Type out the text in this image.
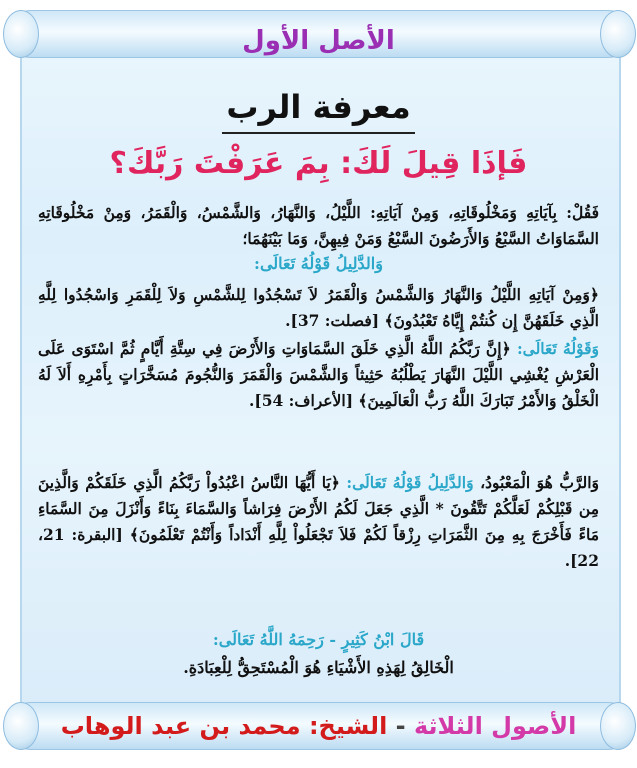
الأصل الأول
معرفة الرب
فَإذَا قِيلَ لَكَ: بِمَ عَرَفْتَ رَبَّكَ؟
فَقُلْ: بِآيَاتِهِ وَمَخْلُوقَاتِهِ، وَمِنْ آيَاتِهِ: اللَّيْلُ، وَالنَّهَارُ، وَالشَّمْسُ، وَالْقَمَرُ، وَمِنْ مَخْلُوقَاتِهِ السَّمَاوَاتُ السَّبْعُ وَالأَرَضُونَ السَّبْعُ وَمَنْ فِيهِنَّ، وَمَا بَيْنَهُمَا؛
وَالدَّلِيلُ قَوْلُهُ تَعَالَى:
﴿وَمِنْ آيَاتِهِ اللَّيْلُ وَالنَّهَارُ وَالشَّمْسُ وَالْقَمَرُ لاَ تَسْجُدُوا لِلشَّمْسِ وَلاَ لِلْقَمَرِ وَاسْجُدُوا لِلَّهِ الَّذِي خَلَقَهُنَّ إِن كُنتُمْ إِيَّاهُ تَعْبُدُونَ﴾ [فصلت: 37].
وَقَوْلُهُ تَعَالَى: ﴿إِنَّ رَبَّكُمُ اللَّهُ الَّذِي خَلَقَ السَّمَاوَاتِ وَالأَرْضَ فِي سِتَّةِ أَيَّامٍ ثُمَّ اسْتَوَى عَلَى الْعَرْشِ يُغْشِي اللَّيْلَ النَّهَارَ يَطْلُبُهُ حَثِيثاً وَالشَّمْسَ وَالْقَمَرَ وَالنُّجُومَ مُسَخَّرَاتٍ بِأَمْرِهِ أَلاَ لَهُ الْخَلْقُ وَالأَمْرُ تَبَارَكَ اللَّهُ رَبُّ الْعَالَمِينَ﴾ [الأعراف: 54].
وَالرَّبُّ هُوَ الْمَعْبُودُ، وَالدَّلِيلُ قَوْلُهُ تَعَالَى: ﴿يَا أَيُّهَا النَّاسُ اعْبُدُواْ رَبَّكُمُ الَّذِي خَلَقَكُمْ وَالَّذِينَ مِن قَبْلِكُمْ لَعَلَّكُمْ تَتَّقُونَ * الَّذِي جَعَلَ لَكُمُ الأَرْضَ فِرَاشاً وَالسَّمَاءَ بِنَاءً وَأَنْزَلَ مِنَ السَّمَاءِ مَاءً فَأَخْرَجَ بِهِ مِنَ الثَّمَرَاتِ رِزْقاً لَكُمْ فَلاَ تَجْعَلُواْ لِلَّهِ أَنْدَاداً وَأَنْتُمْ تَعْلَمُونَ﴾ [البقرة: 21، 22].
قَالَ ابْنُ كَثِيرٍ - رَحِمَهُ اللَّهُ تَعَالَى:
الْخَالِقُ لِهَذِهِ الأَشْيَاءِ هُوَ الْمُسْتَحِقُّ لِلْعِبَادَةِ.
الأصول الثلاثة - الشيخ: محمد بن عبد الوهاب
